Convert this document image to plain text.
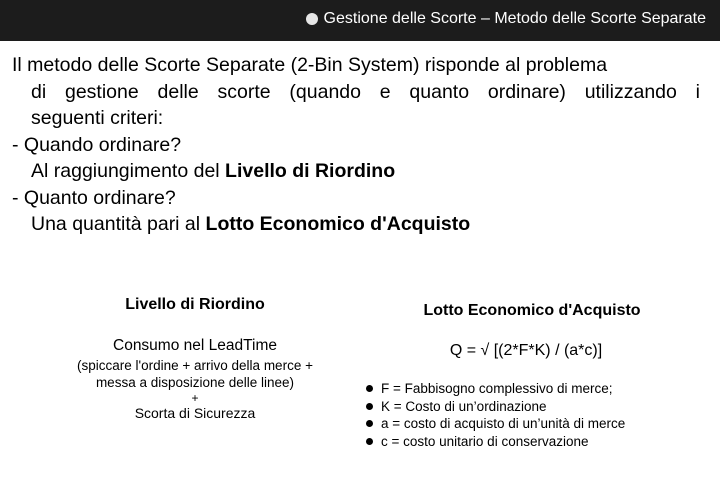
Gestione delle Scorte – Metodo delle Scorte Separate
Il metodo delle Scorte Separate (2-Bin System) risponde al problema
di gestione delle scorte (quando e quanto ordinare) utilizzando i
seguenti criteri:
- Quando ordinare?
Al raggiungimento del Livello di Riordino
- Quanto ordinare?
Una quantità pari al Lotto Economico d'Acquisto

Livello di Riordino

Consumo nel LeadTime

(spiccare l'ordine + arrivo della merce +
messa a disposizione delle linee)

+

Scorta di Sicurezza

Lotto Economico d'Acquisto

Q = √ [(2*F*K) / (a*c)]

F = Fabbisogno complessivo di merce;
K = Costo di un’ordinazione
a = costo di acquisto di un’unità di merce
c = costo unitario di conservazione
